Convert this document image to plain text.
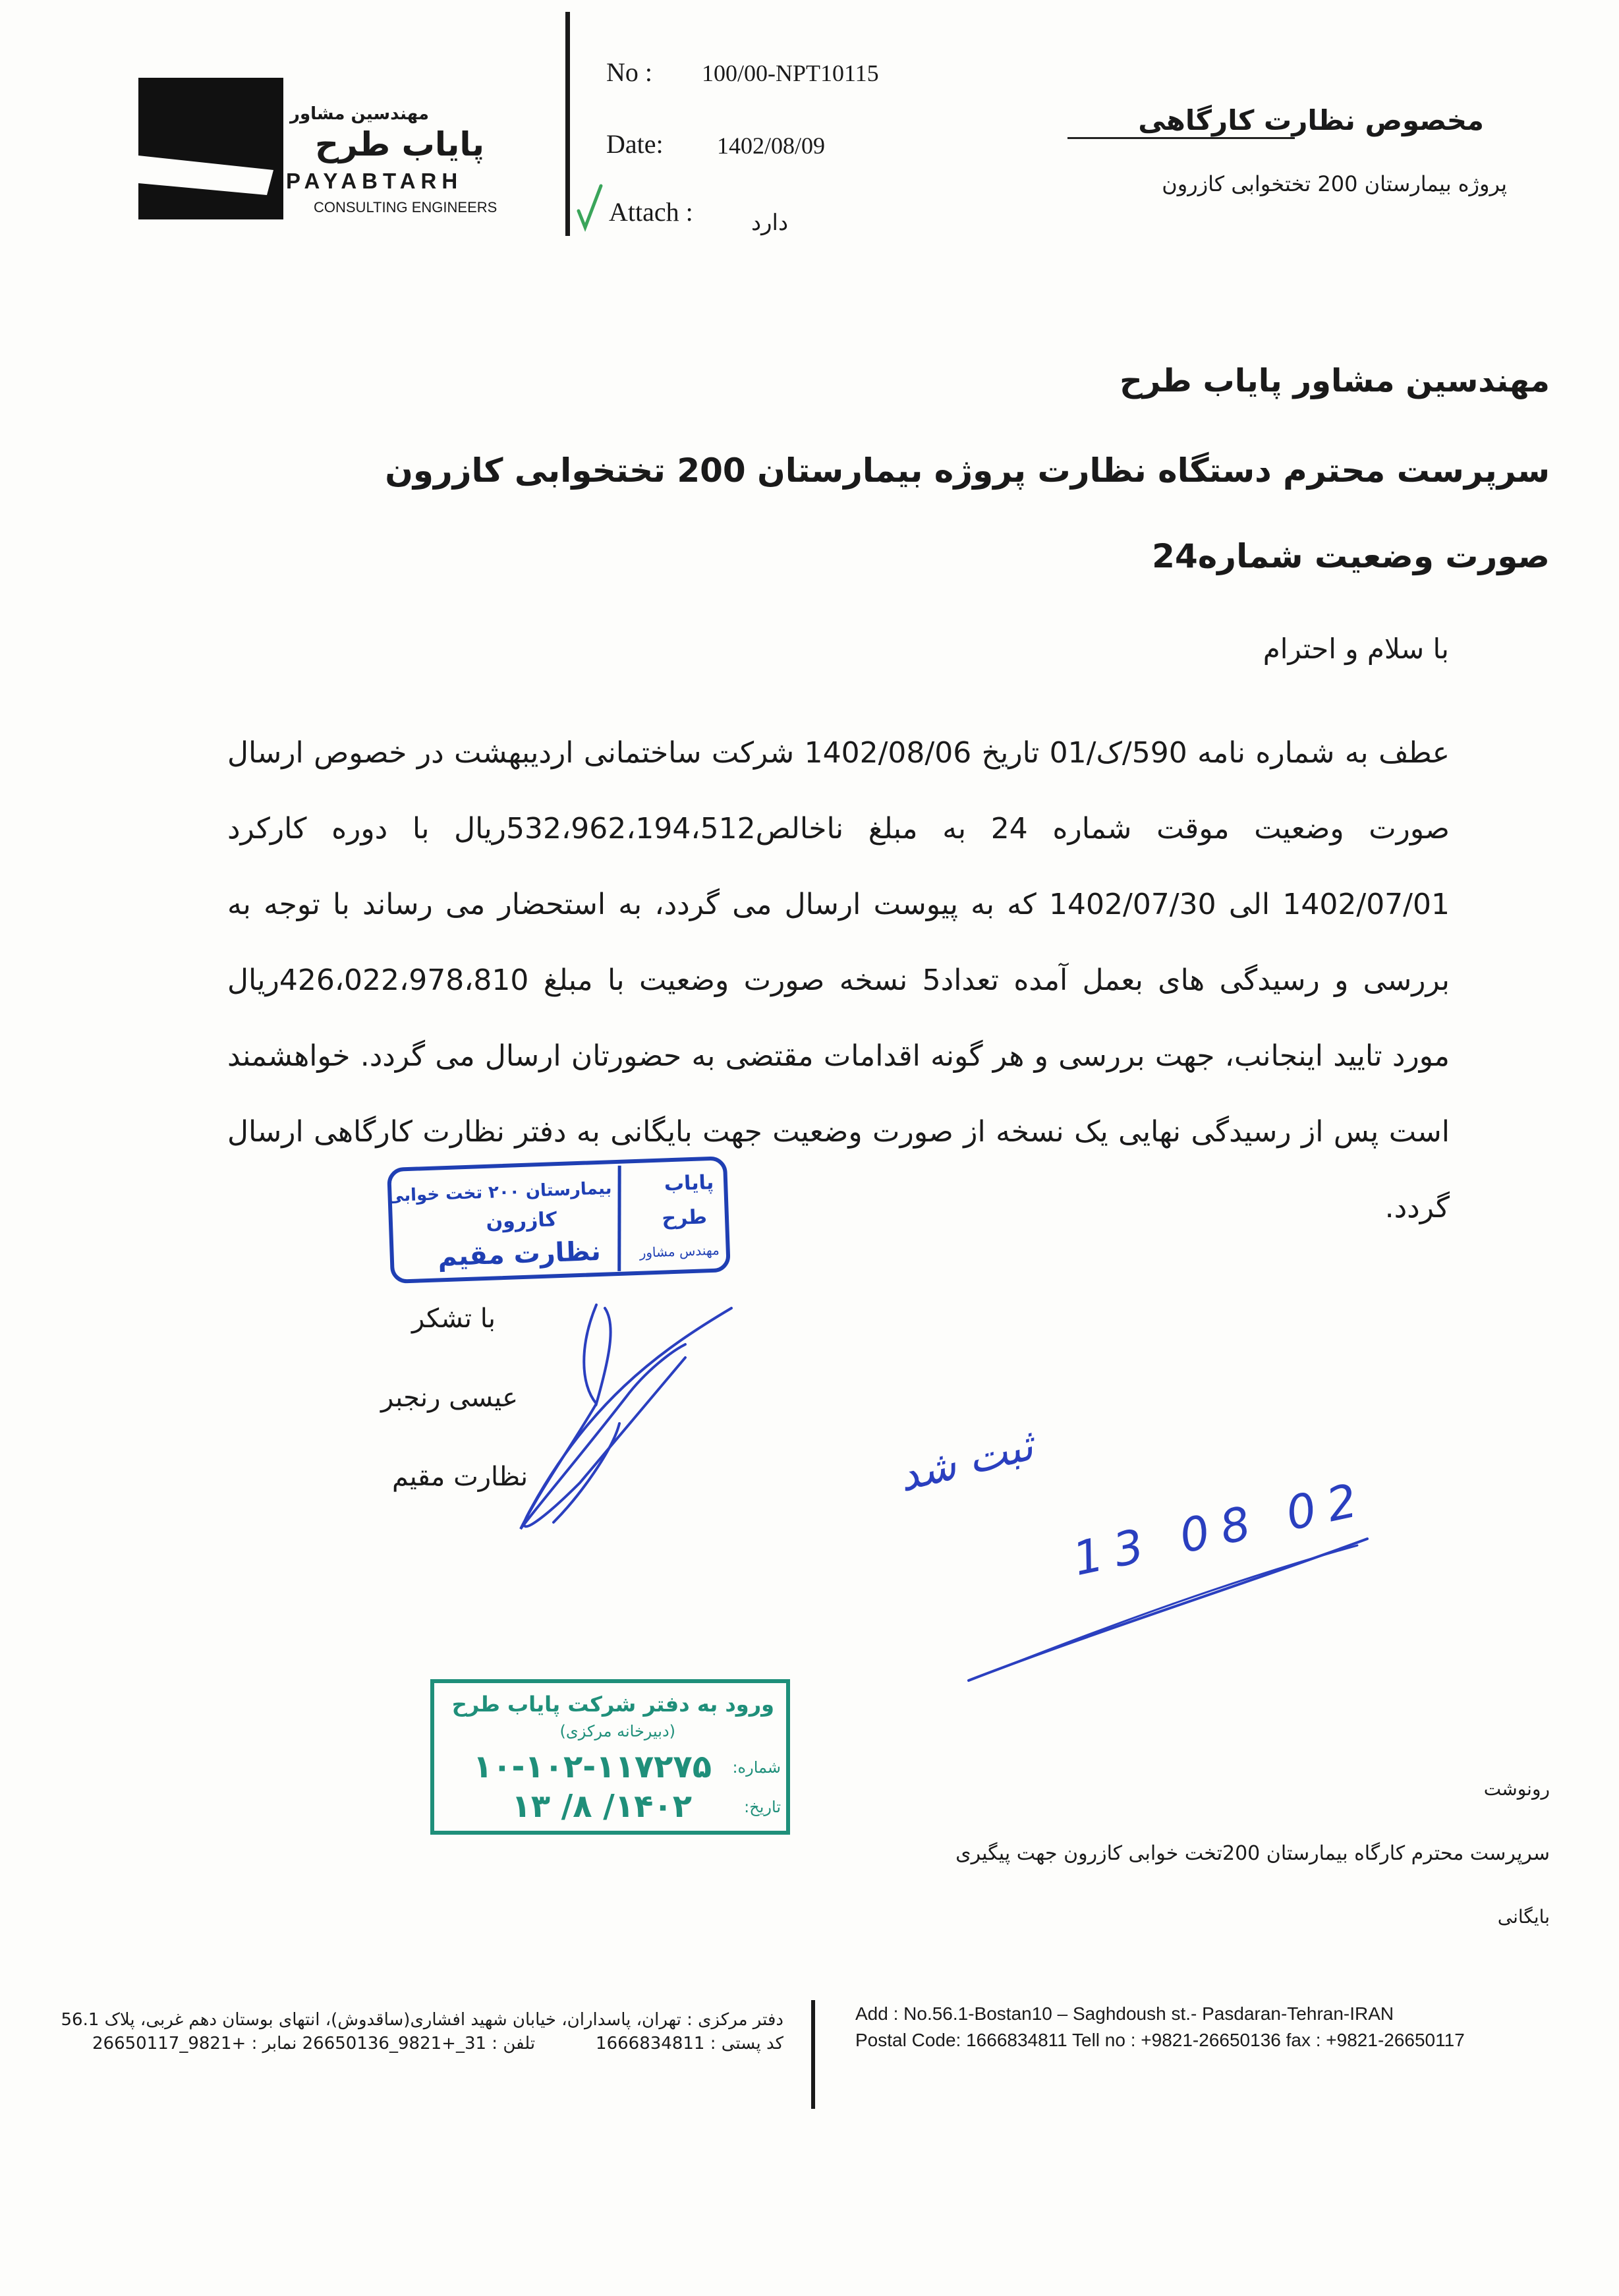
مهندسین مشاور
پایاب طرح
PAYABTARH
CONSULTING ENGINEERS
No : 100/00-NPT10115
Date: 1402/08/09
Attach :	دارد
مخصوص نظارت کارگاهی
پروژه بیمارستان 200 تختخوابی کازرون
مهندسین مشاور پایاب طرح
سرپرست محترم دستگاه نظارت پروژه بیمارستان 200 تختخوابی کازرون
صورت وضعیت شماره24
با سلام و احترام
عطف به شماره نامه 590/ک/01 تاریخ 1402/08/06 شرکت ساختمانی اردیبهشت در خصوص ارسال صورت وضعیت موقت شماره 24 به مبلغ ناخالص532،962،194،512ریال با دوره کارکرد 1402/07/01 الی 1402/07/30 که به پیوست ارسال می گردد، به استحضار می رساند با توجه به بررسی و رسیدگی های بعمل آمده تعداد5 نسخه صورت وضعیت با مبلغ 426،022،978،810ریال مورد تایید اینجانب، جهت بررسی و هر گونه اقدامات مقتضی به حضورتان ارسال می گردد. خواهشمند است پس از رسیدگی نهایی یک نسخه از صورت وضعیت جهت بایگانی به دفتر نظارت کارگاهی ارسال گردد.
با تشکر
عیسی رنجبر
نظارت مقیم
پایاب
طرح
مهندس مشاور
بیمارستان ۲۰۰ تخت خوابی
کازرون
نظارت مقیم
ورود به دفتر شرکت پایاب طرح
(دبیرخانه مرکزی)
شماره:
۱۰-۱۰۲-۱۱۷۲۷۵
تاریخ:
۱۴۰۲/ ۸/ ۱۳
ثبت شد
13 08 02
رونوشت
سرپرست محترم کارگاه بیمارستان 200تخت خوابی کازرون جهت پیگیری
بایگانی
دفتر مرکزی : تهران، پاسداران، خیابان شهید افشاری(ساقدوش)، انتهای بوستان دهم غربی، پلاک 56.1
کد پستی : 1666834811
تلفن : 31_+9821_26650136 نمابر : +9821_26650117
Add : No.56.1-Bostan10 – Saghdoush st.- Pasdaran-Tehran-IRAN
Postal Code: 1666834811 Tell no : +9821-26650136 fax : +9821-26650117
